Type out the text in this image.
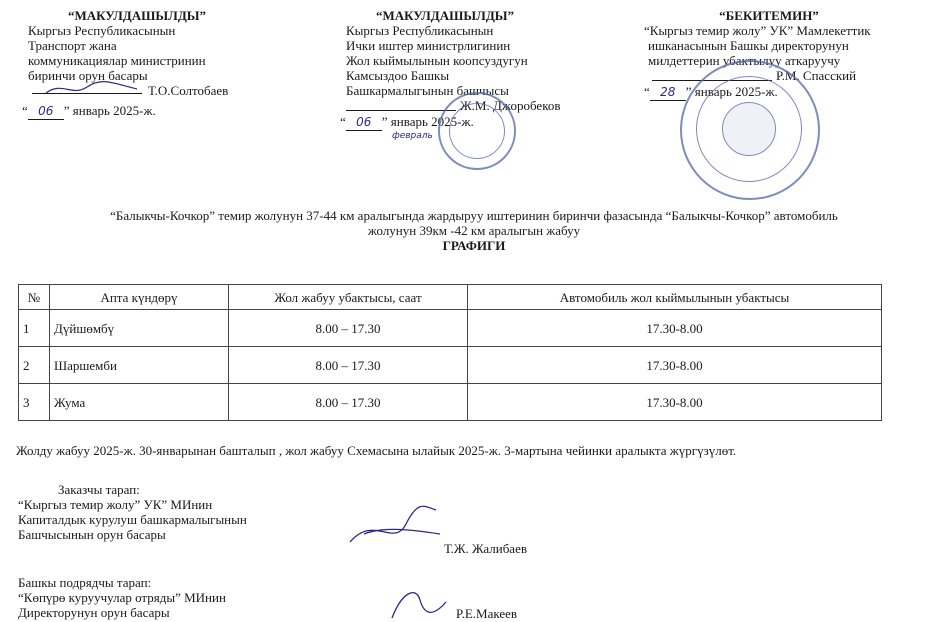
“МАКУЛДАШЫЛДЫ”
Кыргыз Республикасынын
Транспорт жана
коммуникациялар министринин
биринчи орун басары
Т.О.Солтобаев
“ 06 ” январь 2025-ж.
“МАКУЛДАШЫЛДЫ”
Кыргыз Республикасынын
Ички иштер министрлигинин
Жол кыймылынын коопсуздугун
Камсыздоо Башкы
Башкармалыгынын башчысы
Ж.М. Джоробеков
“ 06 ” январь 2025-ж.
февраль
“БЕКИТЕМИН”
“Кыргыз темир жолу” УК” Мамлекеттик
ишканасынын Башкы директорунун
милдеттерин убактылуу аткаруучу
Р.М. Спасский
“ 28 ” январь 2025-ж.
“Балыкчы-Кочкор” темир жолунун 37-44 км аралыгында жардыруу иштеринин биринчи фазасында “Балыкчы-Кочкор” автомобиль
жолунун 39км -42 км аралыгын жабуу
ГРАФИГИ
№	Апта күндөрү	Жол жабуу убактысы, саат	Автомобиль жол кыймылынын убактысы
1	Дүйшөмбү	8.00 – 17.30	17.30-8.00
2	Шаршемби	8.00 – 17.30	17.30-8.00
3	Жума	8.00 – 17.30	17.30-8.00
Жолду жабуу 2025-ж. 30-январынан башталып , жол жабуу Схемасына ылайык 2025-ж. 3-мартына чейинки аралыкта жүргүзүлөт.
Заказчы тарап:
“Кыргыз темир жолу” УК” МИнин
Капиталдык курулуш башкармалыгынын
Башчысынын орун басары
Т.Ж. Жалибаев
Башкы подрядчы тарап:
“Көпүрө куруучулар отряды” МИнин
Директорунун орун басары	Р.Е.Макеев
